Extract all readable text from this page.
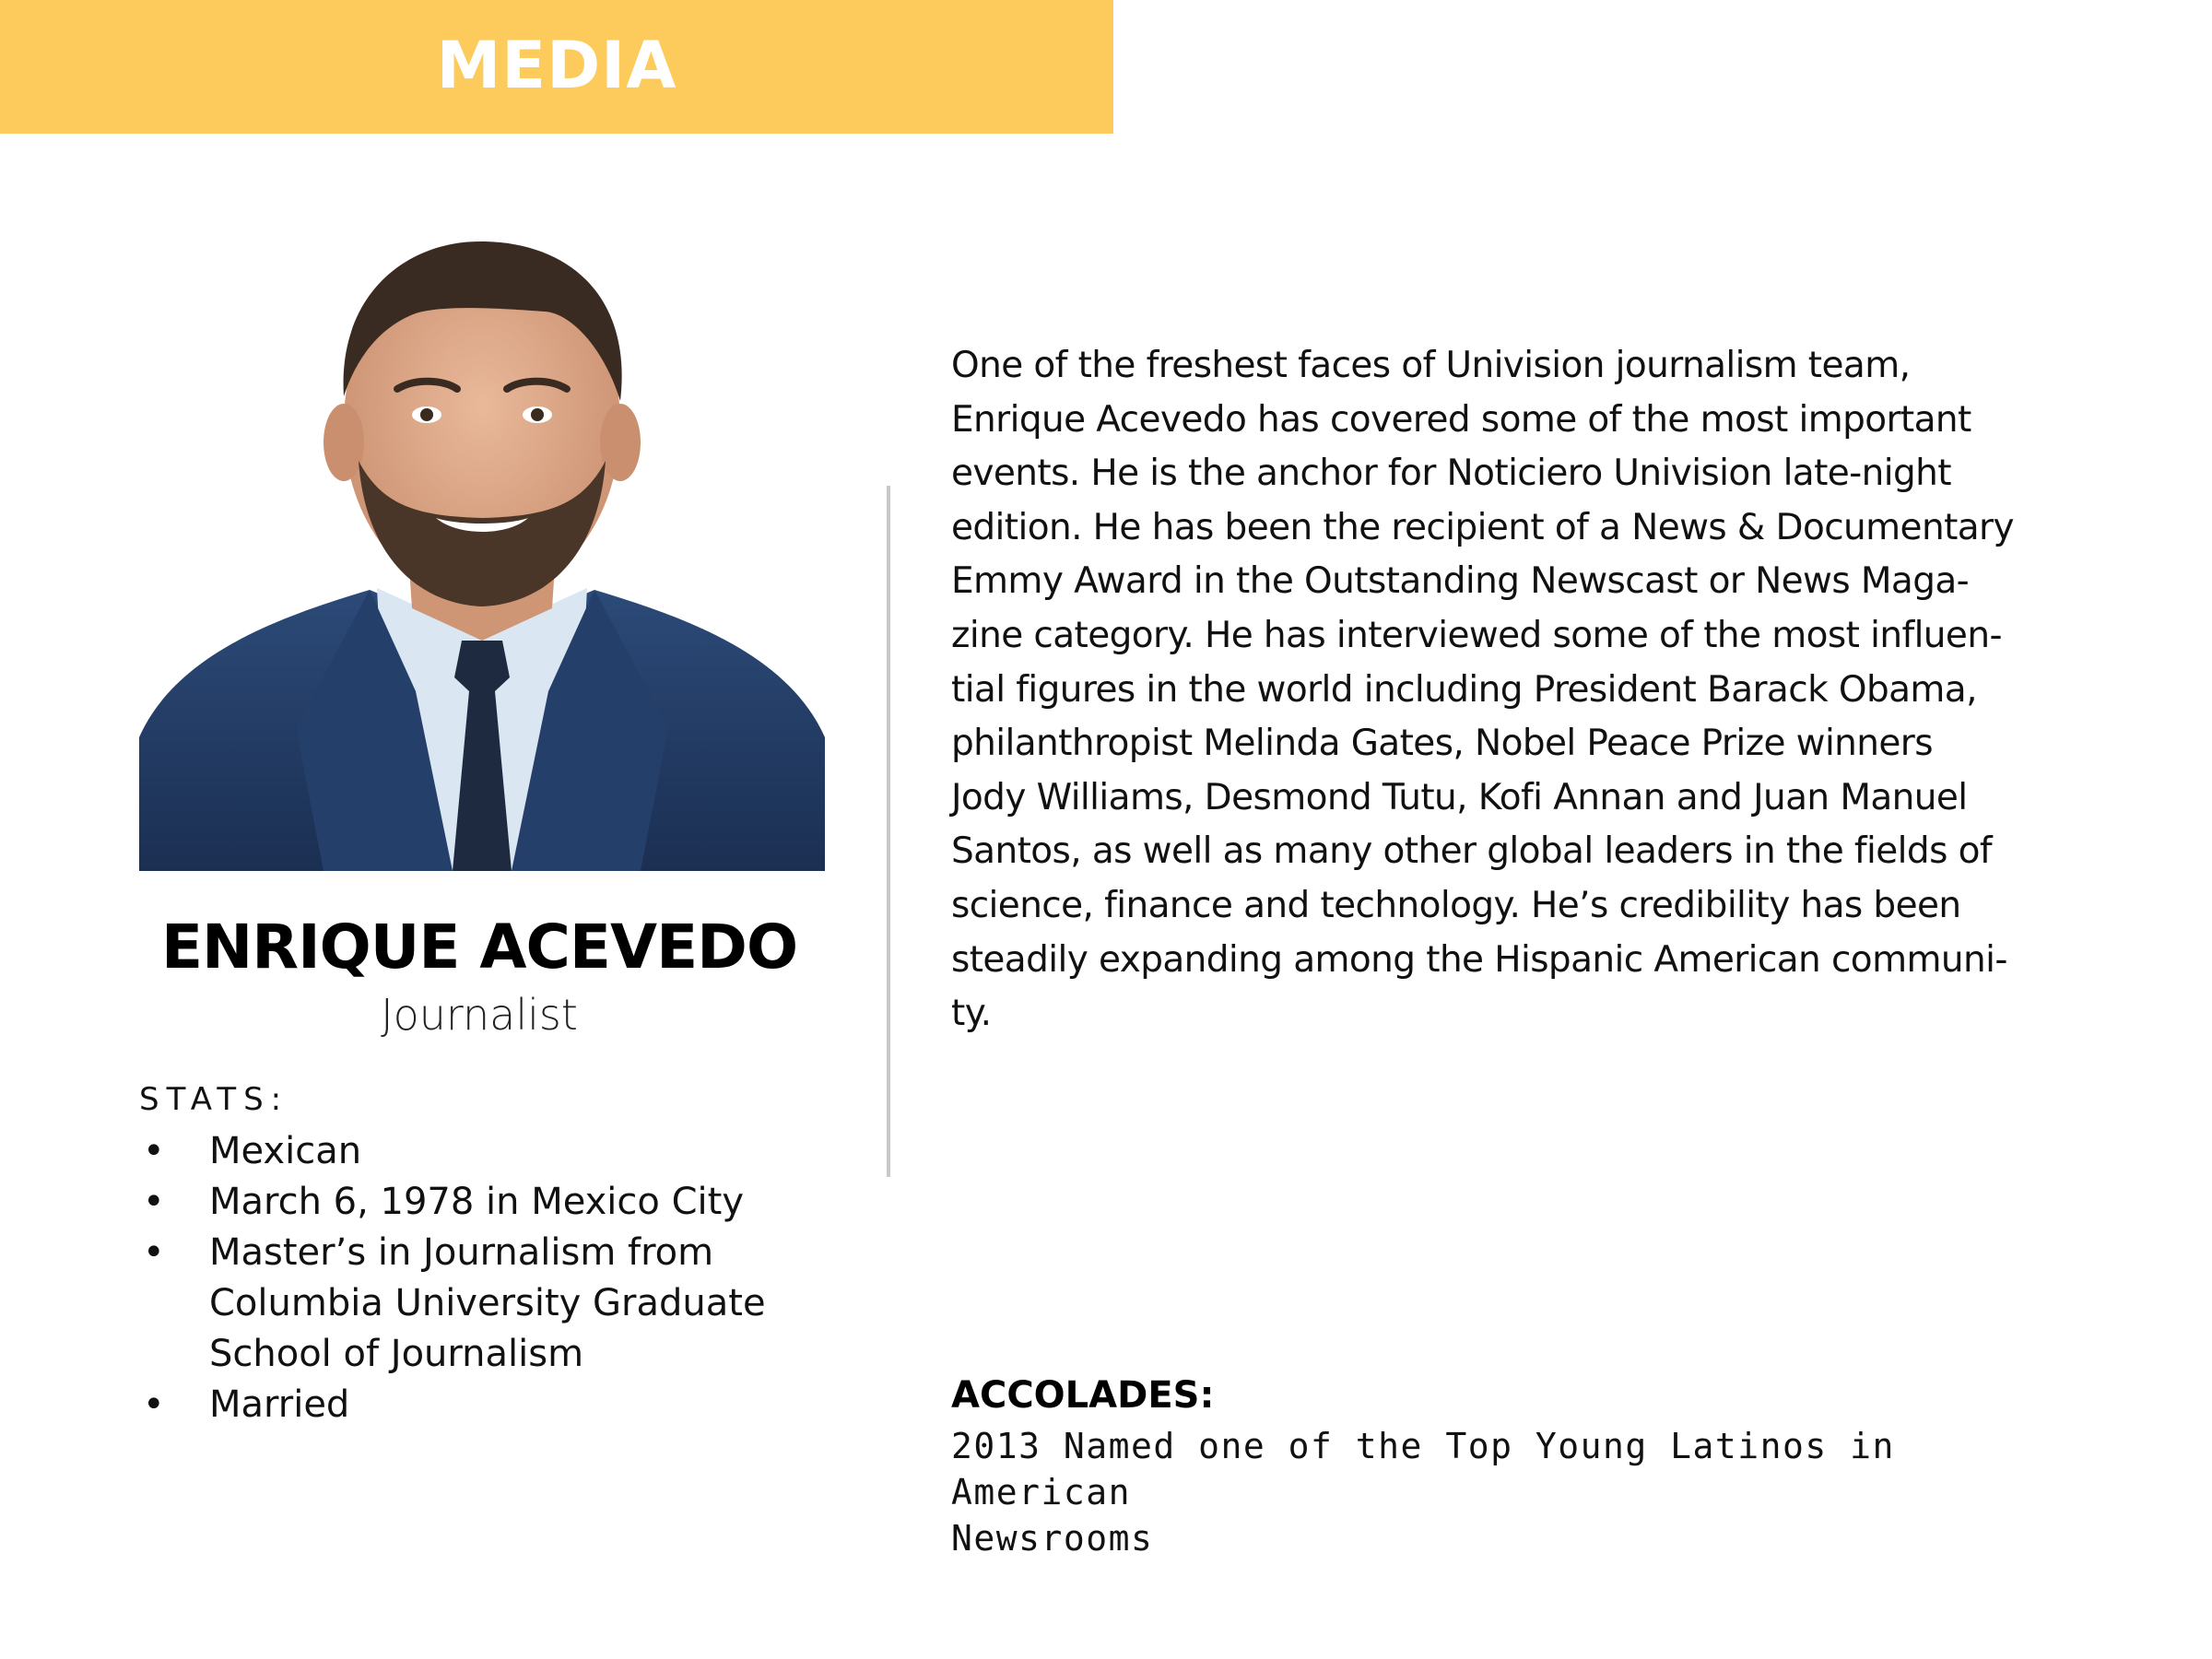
MEDIA
ENRIQUE ACEVEDO
Journalist
STATS:
• Mexican
• March 6, 1978 in Mexico City
• Master’s in Journalism from
Columbia University Graduate
School of Journalism
• Married
One of the freshest faces of Univision journalism team,
Enrique Acevedo has covered some of the most important
events. He is the anchor for Noticiero Univision late-night
edition. He has been the recipient of a News & Documentary
Emmy Award in the Outstanding Newscast or News Maga-
zine category. He has interviewed some of the most influen-
tial figures in the world including President Barack Obama,
philanthropist Melinda Gates, Nobel Peace Prize winners
Jody Williams, Desmond Tutu, Kofi Annan and Juan Manuel
Santos, as well as many other global leaders in the fields of
science, finance and technology. He’s credibility has been
steadily expanding among the Hispanic American communi-
ty.
ACCOLADES:
2013 Named one of the Top Young Latinos in American
Newsrooms
